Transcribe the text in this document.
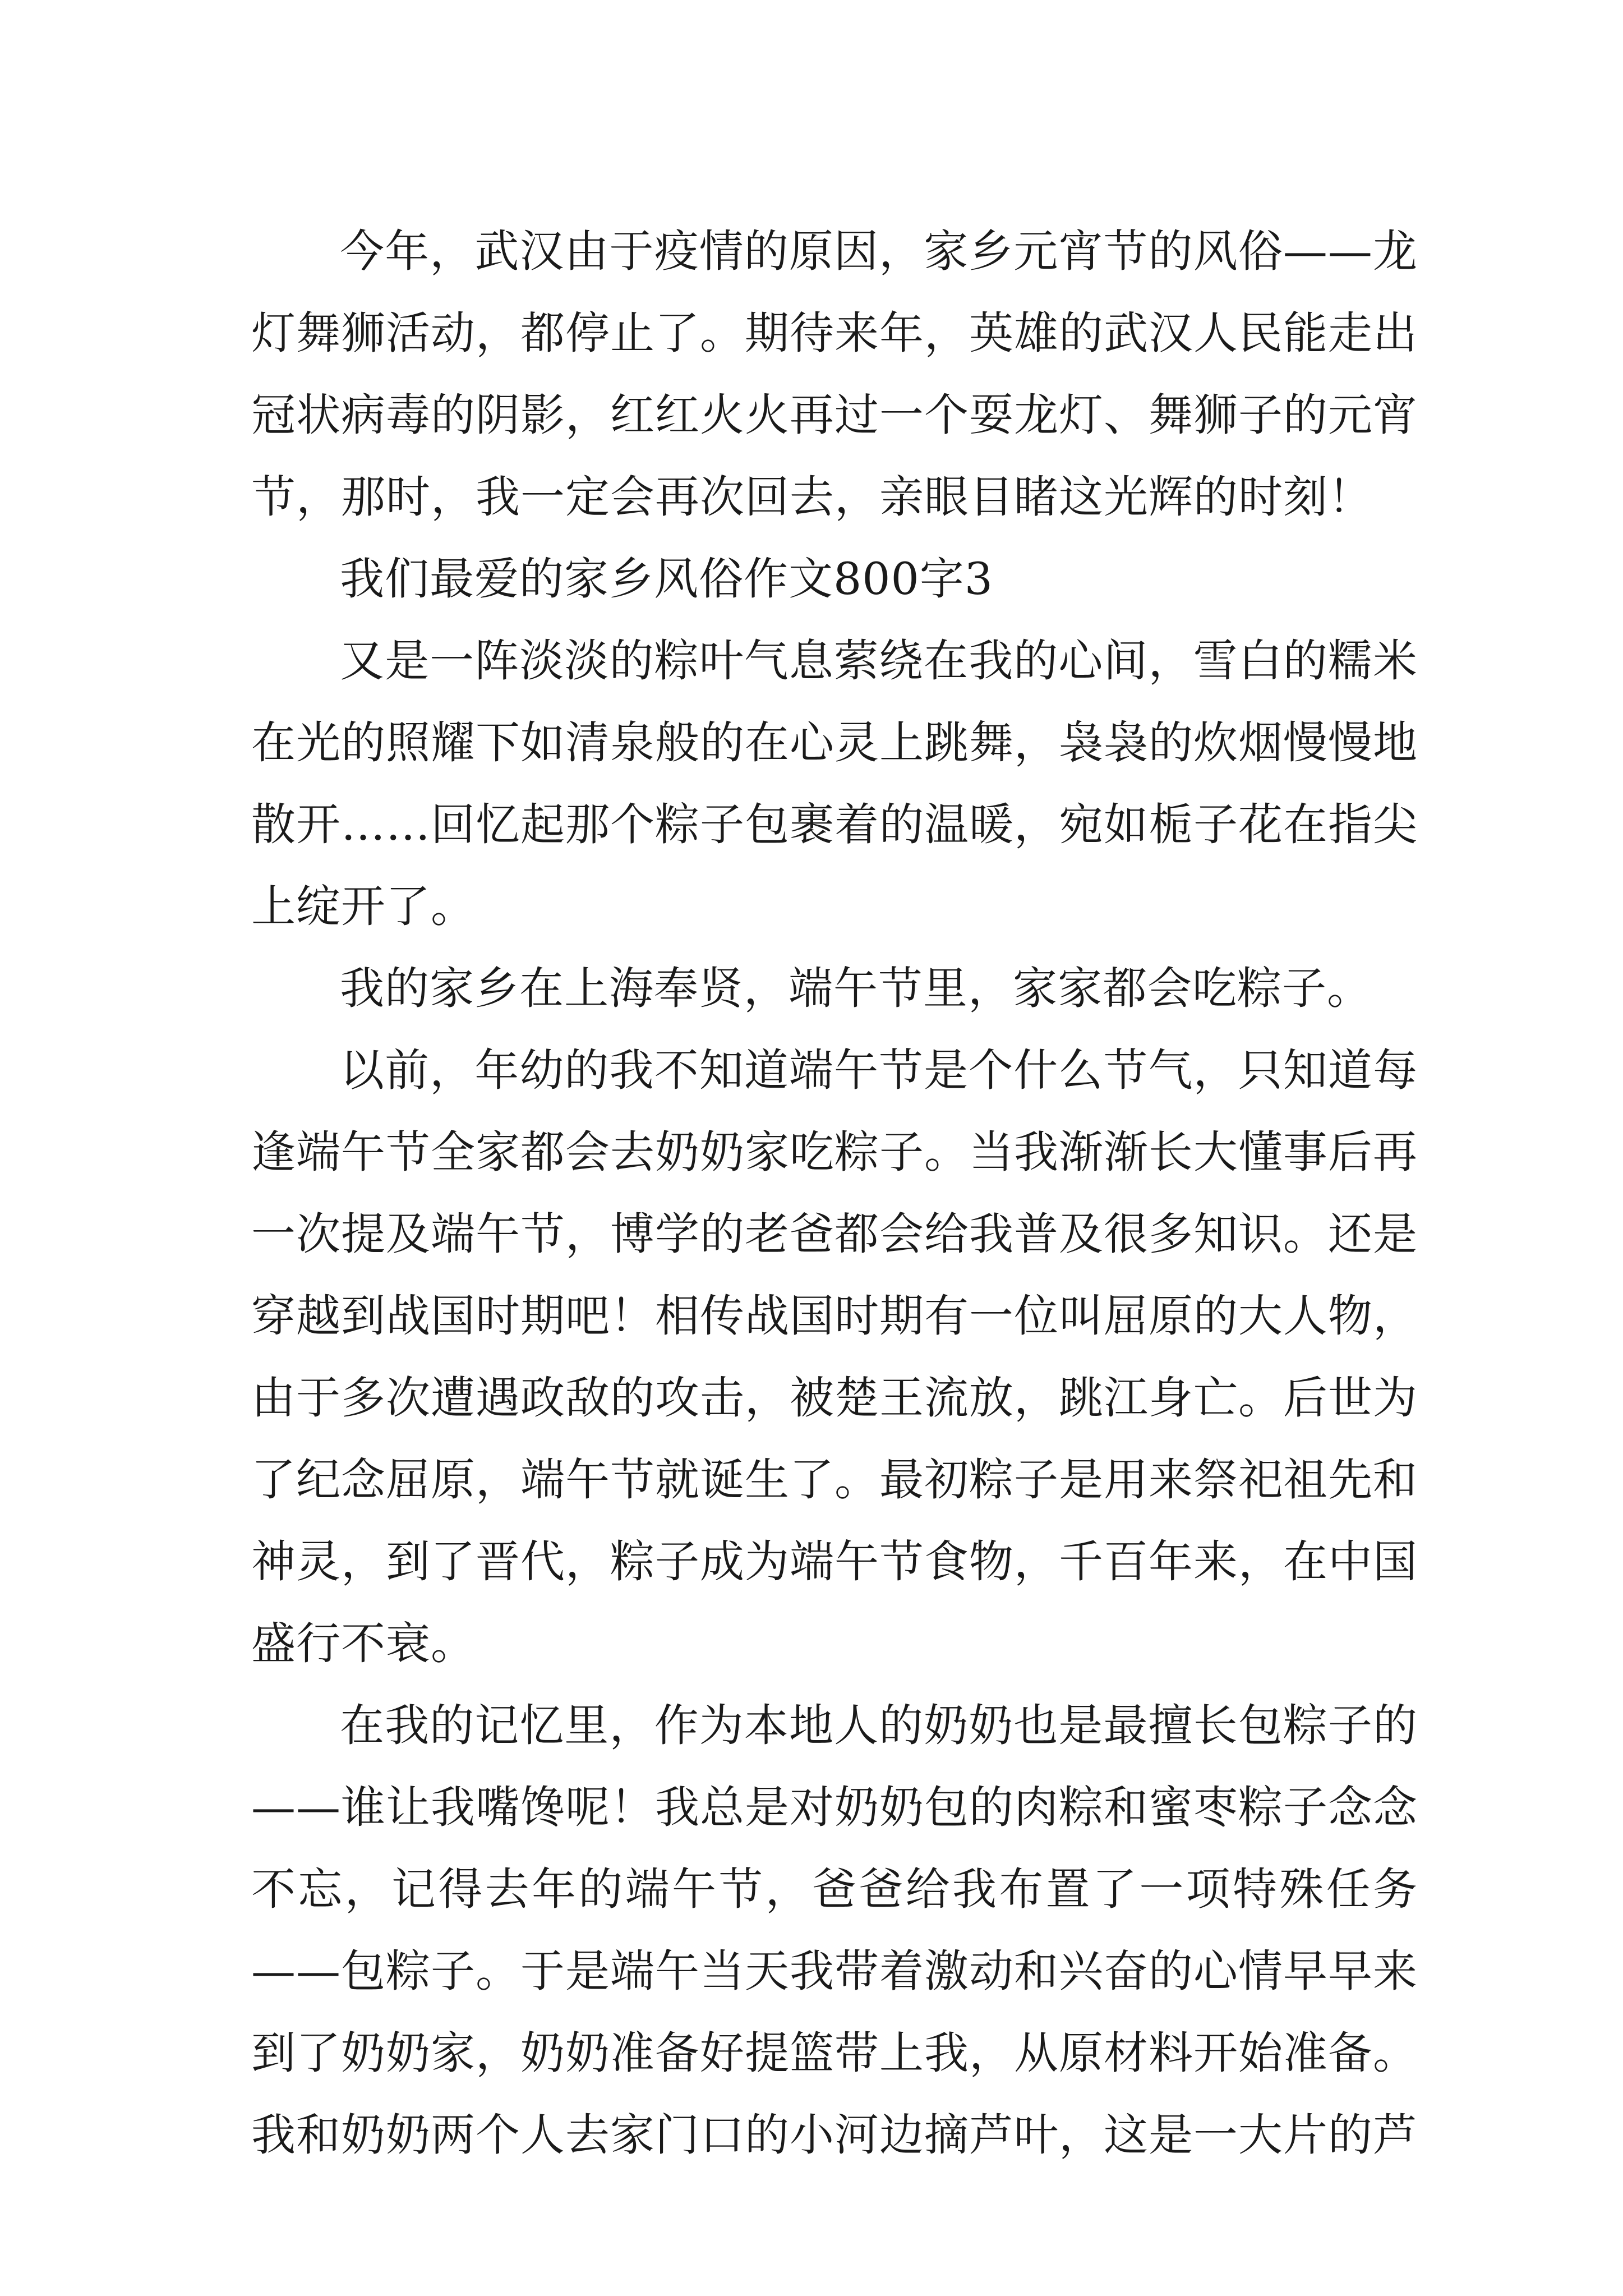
今年，武汉由于疫情的原因，家乡元宵节的风俗——龙灯舞狮活动，都停止了。期待来年，英雄的武汉人民能走出冠状病毒的阴影，红红火火再过一个耍龙灯、舞狮子的元宵节，那时，我一定会再次回去，亲眼目睹这光辉的时刻！

我们最爱的家乡风俗作文800字3

又是一阵淡淡的粽叶气息萦绕在我的心间，雪白的糯米在光的照耀下如清泉般的在心灵上跳舞，袅袅的炊烟慢慢地散开……回忆起那个粽子包裹着的温暖，宛如栀子花在指尖上绽开了。

我的家乡在上海奉贤，端午节里，家家都会吃粽子。

以前，年幼的我不知道端午节是个什么节气，只知道每逢端午节全家都会去奶奶家吃粽子。当我渐渐长大懂事后再一次提及端午节，博学的老爸都会给我普及很多知识。还是穿越到战国时期吧！相传战国时期有一位叫屈原的大人物，由于多次遭遇政敌的攻击，被楚王流放，跳江身亡。后世为了纪念屈原，端午节就诞生了。最初粽子是用来祭祀祖先和神灵，到了晋代，粽子成为端午节食物，千百年来，在中国盛行不衰。

在我的记忆里，作为本地人的奶奶也是最擅长包粽子的——谁让我嘴馋呢！我总是对奶奶包的肉粽和蜜枣粽子念念不忘，记得去年的端午节，爸爸给我布置了一项特殊任务——包粽子。于是端午当天我带着激动和兴奋的心情早早来到了奶奶家，奶奶准备好提篮带上我，从原材料开始准备。我和奶奶两个人去家门口的小河边摘芦叶，这是一大片的芦
